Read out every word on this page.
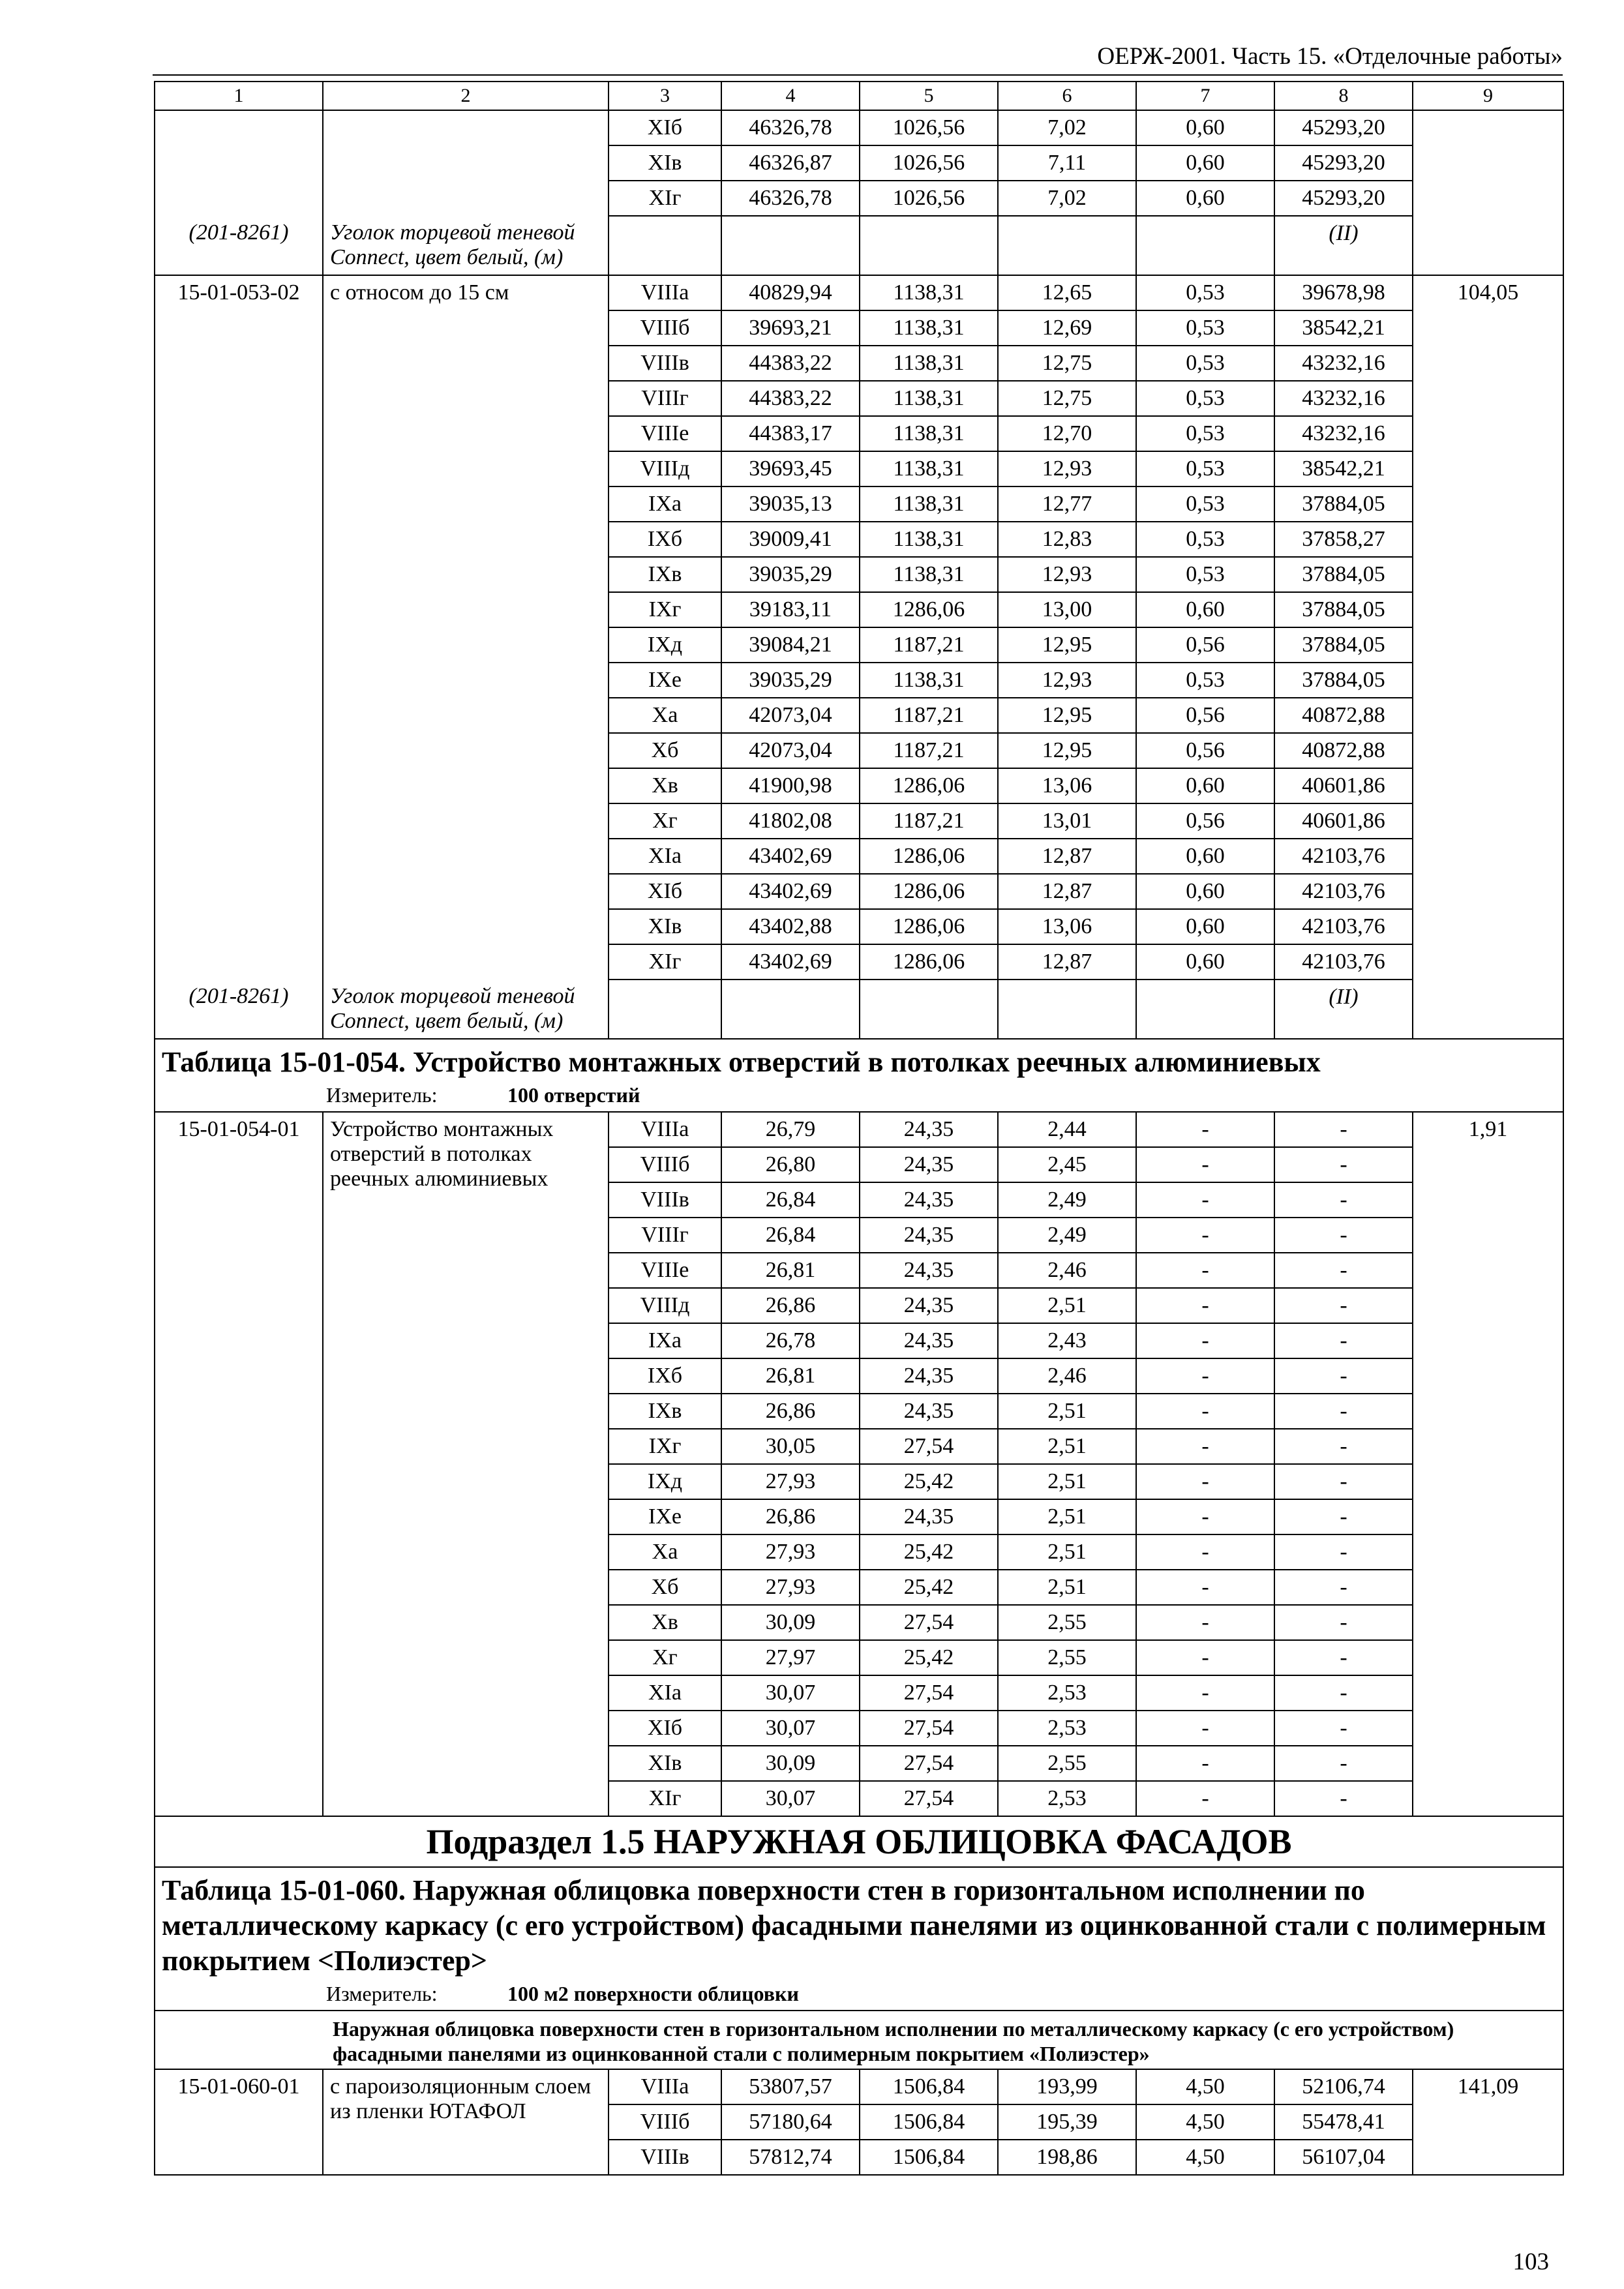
ОЕРЖ-2001. Часть 15. «Отделочные работы»
1	2	3	4	5	6	7	8	9
		XIб	46326,78	1026,56	7,02	0,60	45293,20	
		XIв	46326,87	1026,56	7,11	0,60	45293,20	
		XIг	46326,78	1026,56	7,02	0,60	45293,20	
(201-8261)	Уголок торцевой теневой Connect, цвет белый, (м)						(II)	
15-01-053-02	с относом до 15 см	VIIIа	40829,94	1138,31	12,65	0,53	39678,98	104,05
		VIIIб	39693,21	1138,31	12,69	0,53	38542,21	
		VIIIв	44383,22	1138,31	12,75	0,53	43232,16	
		VIIIг	44383,22	1138,31	12,75	0,53	43232,16	
		VIIIе	44383,17	1138,31	12,70	0,53	43232,16	
		VIIIд	39693,45	1138,31	12,93	0,53	38542,21	
		IXа	39035,13	1138,31	12,77	0,53	37884,05	
		IXб	39009,41	1138,31	12,83	0,53	37858,27	
		IXв	39035,29	1138,31	12,93	0,53	37884,05	
		IXг	39183,11	1286,06	13,00	0,60	37884,05	
		IXд	39084,21	1187,21	12,95	0,56	37884,05	
		IXе	39035,29	1138,31	12,93	0,53	37884,05	
		Xа	42073,04	1187,21	12,95	0,56	40872,88	
		Xб	42073,04	1187,21	12,95	0,56	40872,88	
		Xв	41900,98	1286,06	13,06	0,60	40601,86	
		Xг	41802,08	1187,21	13,01	0,56	40601,86	
		XIа	43402,69	1286,06	12,87	0,60	42103,76	
		XIб	43402,69	1286,06	12,87	0,60	42103,76	
		XIв	43402,88	1286,06	13,06	0,60	42103,76	
		XIг	43402,69	1286,06	12,87	0,60	42103,76	
(201-8261)	Уголок торцевой теневой Connect, цвет белый, (м)						(II)	
Таблица 15-01-054. Устройство монтажных отверстий в потолках реечных алюминиевых								
Измеритель: 100 отверстий								
15-01-054-01	Устройство монтажных отверстий в потолках реечных алюминиевых	VIIIа	26,79	24,35	2,44	-	-	1,91
		VIIIб	26,80	24,35	2,45	-	-	
		VIIIв	26,84	24,35	2,49	-	-	
		VIIIг	26,84	24,35	2,49	-	-	
		VIIIе	26,81	24,35	2,46	-	-	
		VIIIд	26,86	24,35	2,51	-	-	
		IXа	26,78	24,35	2,43	-	-	
		IXб	26,81	24,35	2,46	-	-	
		IXв	26,86	24,35	2,51	-	-	
		IXг	30,05	27,54	2,51	-	-	
		IXд	27,93	25,42	2,51	-	-	
		IXе	26,86	24,35	2,51	-	-	
		Xа	27,93	25,42	2,51	-	-	
		Xб	27,93	25,42	2,51	-	-	
		Xв	30,09	27,54	2,55	-	-	
		Xг	27,97	25,42	2,55	-	-	
		XIа	30,07	27,54	2,53	-	-	
		XIб	30,07	27,54	2,53	-	-	
		XIв	30,09	27,54	2,55	-	-	
		XIг	30,07	27,54	2,53	-	-	
Подраздел 1.5 НАРУЖНАЯ ОБЛИЦОВКА ФАСАДОВ								
Таблица 15-01-060. Наружная облицовка поверхности стен в горизонтальном исполнении по металлическому каркасу (с его устройством) фасадными панелями из оцинкованной стали с полимерным покрытием <Полиэстер>								
Измеритель: 100 м2 поверхности облицовки								
Наружная облицовка поверхности стен в горизонтальном исполнении по металлическому каркасу (с его устройством) фасадными панелями из оцинкованной стали с полимерным покрытием «Полиэстер»								
15-01-060-01	с пароизоляционным слоем из пленки ЮТАФОЛ	VIIIа	53807,57	1506,84	193,99	4,50	52106,74	141,09
		VIIIб	57180,64	1506,84	195,39	4,50	55478,41	
		VIIIв	57812,74	1506,84	198,86	4,50	56107,04	
103
